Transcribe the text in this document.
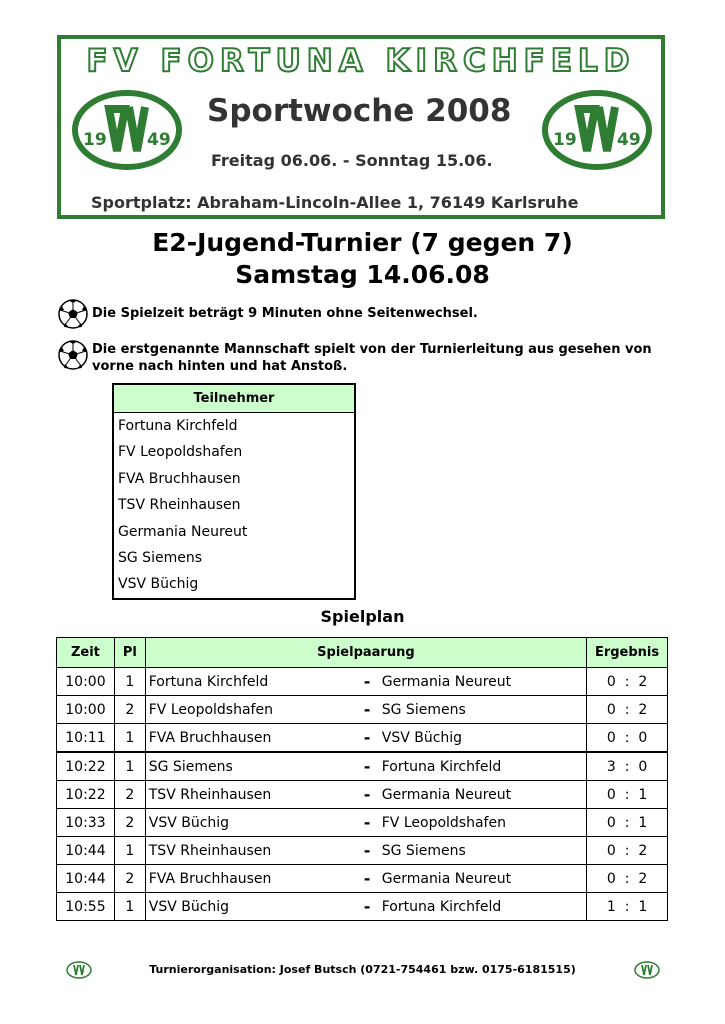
FV FORTUNA KIRCHFELD
19 49
Sportwoche 2008
Freitag 06.06. - Sonntag 15.06.
19 49
Sportplatz: Abraham-Lincoln-Allee 1, 76149 Karlsruhe
E2-Jugend-Turnier (7 gegen 7)
Samstag 14.06.08
Die Spielzeit beträgt 9 Minuten ohne Seitenwechsel.
Die erstgenannte Mannschaft spielt von der Turnierleitung aus gesehen von vorne nach hinten und hat Anstoß.
Teilnehmer
Fortuna Kirchfeld
FV Leopoldshafen
FVA Bruchhausen
TSV Rheinhausen
Germania Neureut
SG Siemens
VSV Büchig
Spielplan
Zeit	Pl	Spielpaarung	Ergebnis
10:00	1	Fortuna Kirchfeld - Germania Neureut	0 : 2
10:00	2	FV Leopoldshafen - SG Siemens	0 : 2
10:11	1	FVA Bruchhausen - VSV Büchig	0 : 0
10:22	1	SG Siemens - Fortuna Kirchfeld	3 : 0
10:22	2	TSV Rheinhausen - Germania Neureut	0 : 1
10:33	2	VSV Büchig - FV Leopoldshafen	0 : 1
10:44	1	TSV Rheinhausen - SG Siemens	0 : 2
10:44	2	FVA Bruchhausen - Germania Neureut	0 : 2
10:55	1	VSV Büchig - Fortuna Kirchfeld	1 : 1
Turnierorganisation: Josef Butsch (0721-754461 bzw. 0175-6181515)
